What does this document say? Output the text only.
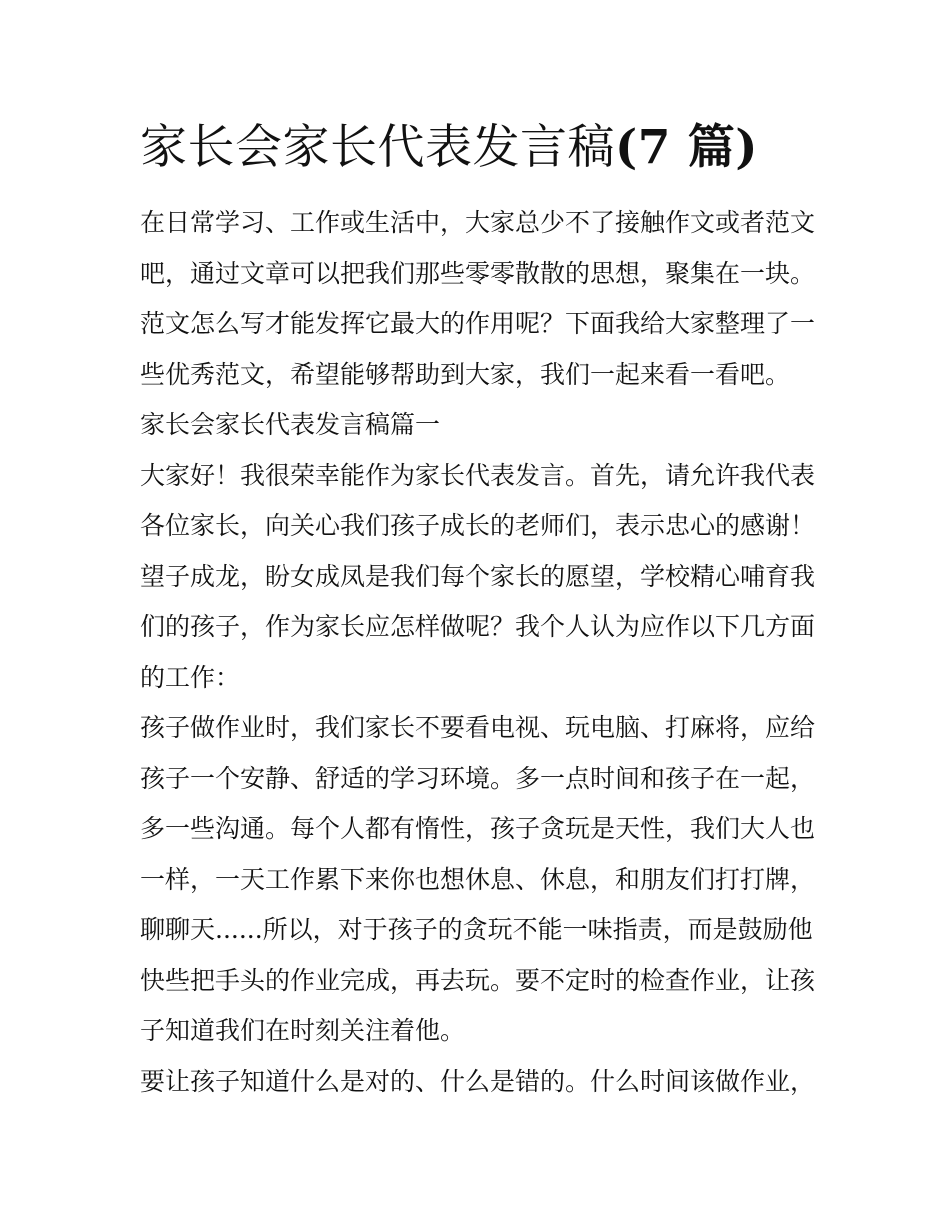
家长会家长代表发言稿(7 篇)
在日常学习、工作或生活中，大家总少不了接触作文或者范文
吧，通过文章可以把我们那些零零散散的思想，聚集在一块。
范文怎么写才能发挥它最大的作用呢？下面我给大家整理了一
些优秀范文，希望能够帮助到大家，我们一起来看一看吧。
家长会家长代表发言稿篇一
大家好！我很荣幸能作为家长代表发言。首先，请允许我代表
各位家长，向关心我们孩子成长的老师们，表示忠心的感谢！
望子成龙，盼女成凤是我们每个家长的愿望，学校精心哺育我
们的孩子，作为家长应怎样做呢？我个人认为应作以下几方面
的工作：
孩子做作业时，我们家长不要看电视、玩电脑、打麻将，应给
孩子一个安静、舒适的学习环境。多一点时间和孩子在一起，
多一些沟通。每个人都有惰性，孩子贪玩是天性，我们大人也
一样，一天工作累下来你也想休息、休息，和朋友们打打牌，
聊聊天......所以，对于孩子的贪玩不能一味指责，而是鼓励他
快些把手头的作业完成，再去玩。要不定时的检查作业，让孩
子知道我们在时刻关注着他。
要让孩子知道什么是对的、什么是错的。什么时间该做作业，
